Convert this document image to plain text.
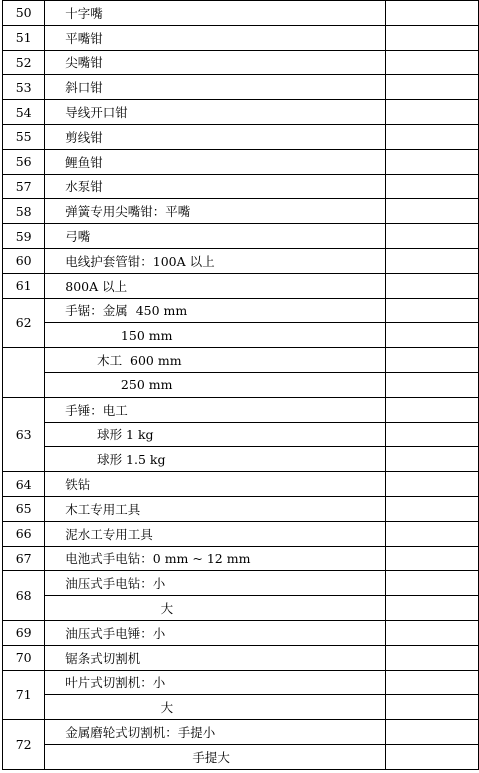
50	十字嘴	
51	平嘴钳	
52	尖嘴钳	
53	斜口钳	
54	导线开口钳	
55	剪线钳	
56	鲤鱼钳	
57	水泵钳	
58	弹簧专用尖嘴钳：平嘴	
59	弓嘴	
60	电线护套管钳：100A 以上	
61	800A 以上	
62	手锯：金属  450 mm	
	150 mm	
	木工  600 mm	
	250 mm	
63	手锤：电工	
	球形 1 kg	
	球形 1.5 kg	
64	铁钻	
65	木工专用工具	
66	泥水工专用工具	
67	电池式手电钻：0 mm ~ 12 mm	
68	油压式手电钻：小	
	大	
69	油压式手电锤：小	
70	锯条式切割机	
71	叶片式切割机：小	
	大	
72	金属磨轮式切割机：手提小	
	手提大	
